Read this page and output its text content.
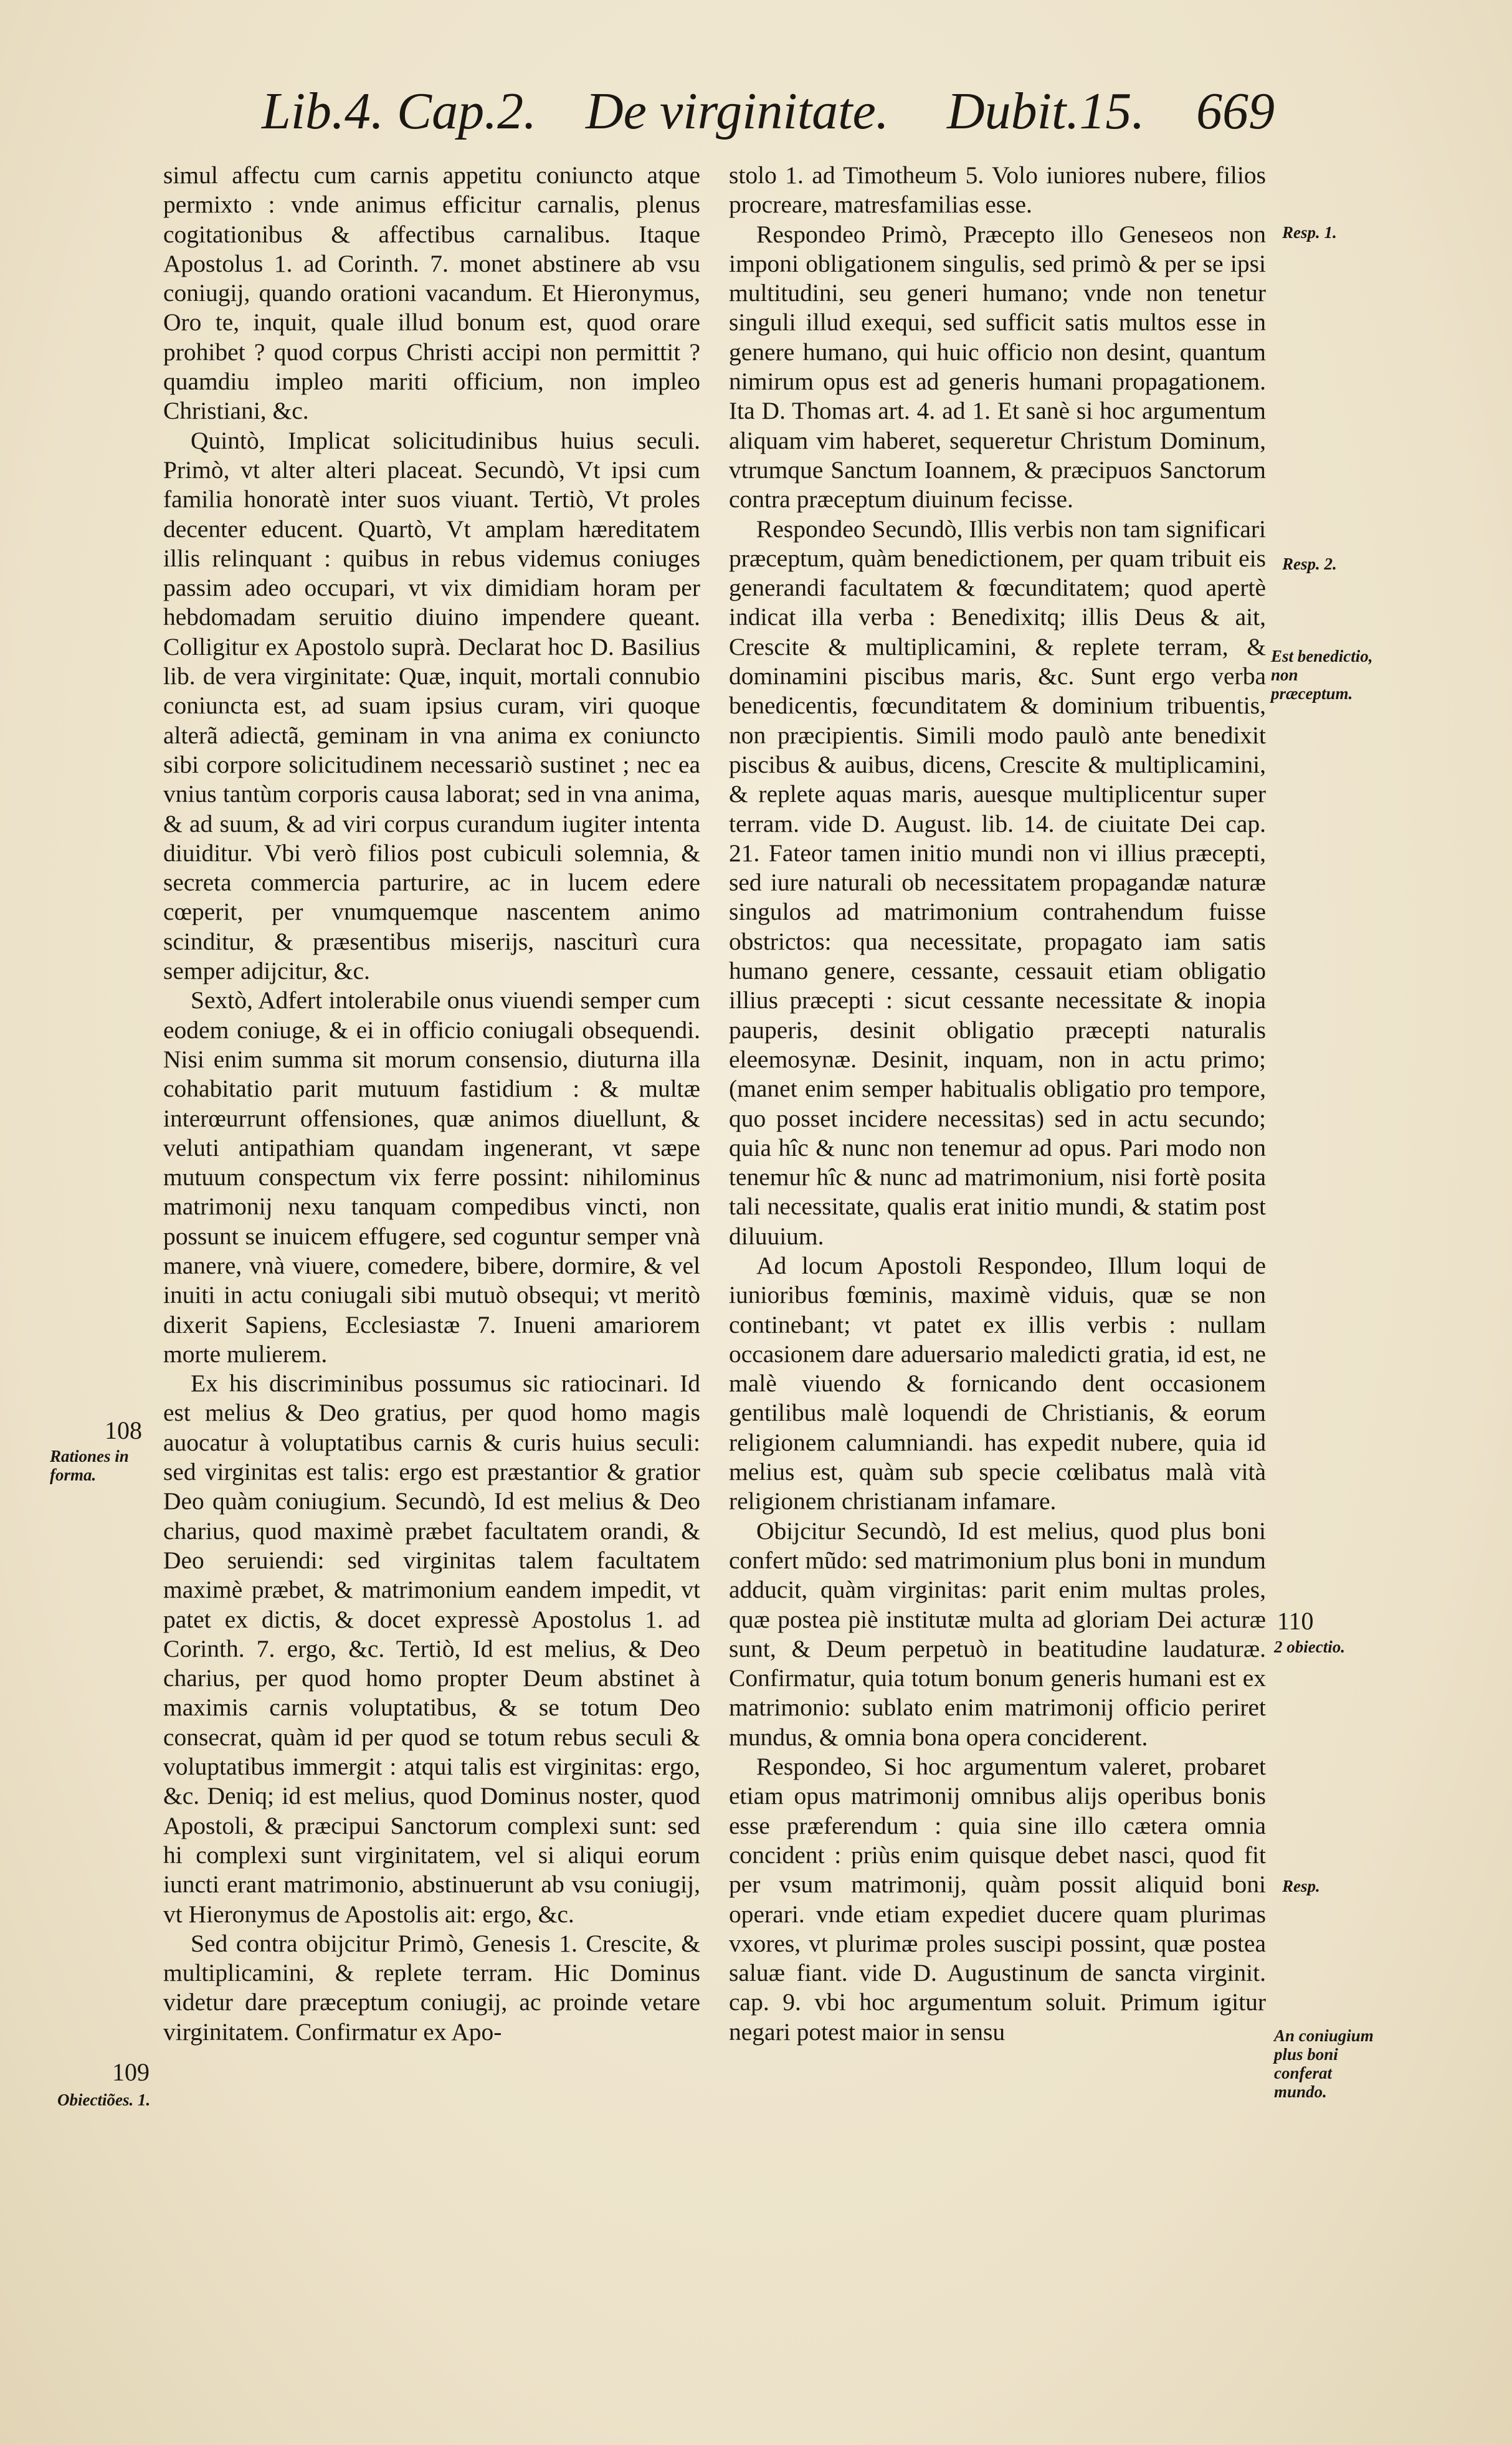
Lib.4. Cap.2. De virginitate. Dubit.15. 669

simul affectu cum carnis appetitu coniuncto atque permixto : vnde animus efficitur carnalis, plenus cogitationibus & affectibus carnalibus. Itaque Apostolus 1. ad Corinth. 7. monet abstinere ab vsu coniugij, quando orationi vacandum. Et Hieronymus, Oro te, inquit, quale illud bonum est, quod orare prohibet ? quod corpus Christi accipi non permittit ? quamdiu impleo mariti officium, non impleo Christiani, &c.

Quintò, Implicat solicitudinibus huius seculi. Primò, vt alter alteri placeat. Secundò, Vt ipsi cum familia honoratè inter suos viuant. Tertiò, Vt proles decenter educent. Quartò, Vt amplam hæreditatem illis relinquant : quibus in rebus videmus coniuges passim adeo occupari, vt vix dimidiam horam per hebdomadam seruitio diuino impendere queant. Colligitur ex Apostolo suprà. Declarat hoc D. Basilius lib. de vera virginitate: Quæ, inquit, mortali connubio coniuncta est, ad suam ipsius curam, viri quoque alterã adiectã, geminam in vna anima ex coniuncto sibi corpore solicitudinem necessariò sustinet ; nec ea vnius tantùm corporis causa laborat; sed in vna anima, & ad suum, & ad viri corpus curandum iugiter intenta diuiditur. Vbi verò filios post cubiculi solemnia, & secreta commercia parturire, ac in lucem edere cœperit, per vnumquemque nascentem animo scinditur, & præsentibus miserijs, nasciturì cura semper adijcitur, &c.

Sextò, Adfert intolerabile onus viuendi semper cum eodem coniuge, & ei in officio coniugali obsequendi. Nisi enim summa sit morum consensio, diuturna illa cohabitatio parit mutuum fastidium : & multæ interœurrunt offensiones, quæ animos diuellunt, & veluti antipathiam quandam ingenerant, vt sæpe mutuum conspectum vix ferre possint: nihilominus matrimonij nexu tanquam compedibus vincti, non possunt se inuicem effugere, sed coguntur semper vnà manere, vnà viuere, comedere, bibere, dormire, & vel inuiti in actu coniugali sibi mutuò obsequi; vt meritò dixerit Sapiens, Ecclesiastæ 7. Inueni amariorem morte mulierem.

Ex his discriminibus possumus sic ratiocinari. Id est melius & Deo gratius, per quod homo magis auocatur à voluptatibus carnis & curis huius seculi: sed virginitas est talis: ergo est præstantior & gratior Deo quàm coniugium. Secundò, Id est melius & Deo charius, quod maximè præbet facultatem orandi, & Deo seruiendi: sed virginitas talem facultatem maximè præbet, & matrimonium eandem impedit, vt patet ex dictis, & docet expressè Apostolus 1. ad Corinth. 7. ergo, &c. Tertiò, Id est melius, & Deo charius, per quod homo propter Deum abstinet à maximis carnis voluptatibus, & se totum Deo consecrat, quàm id per quod se totum rebus seculi & voluptatibus immergit : atqui talis est virginitas: ergo, &c. Deniq; id est melius, quod Dominus noster, quod Apostoli, & præcipui Sanctorum complexi sunt: sed hi complexi sunt virginitatem, vel si aliqui eorum iuncti erant matrimonio, abstinuerunt ab vsu coniugij, vt Hieronymus de Apostolis ait: ergo, &c.

Sed contra obijcitur Primò, Genesis 1. Crescite, & multiplicamini, & replete terram. Hic Dominus videtur dare præceptum coniugij, ac proinde vetare virginitatem. Confirmatur ex Apo-

stolo 1. ad Timotheum 5. Volo iuniores nubere, filios procreare, matresfamilias esse.

Respondeo Primò, Præcepto illo Geneseos non imponi obligationem singulis, sed primò & per se ipsi multitudini, seu generi humano; vnde non tenetur singuli illud exequi, sed sufficit satis multos esse in genere humano, qui huic officio non desint, quantum nimirum opus est ad generis humani propagationem. Ita D. Thomas art. 4. ad 1. Et sanè si hoc argumentum aliquam vim haberet, sequeretur Christum Dominum, vtrumque Sanctum Ioannem, & præcipuos Sanctorum contra præceptum diuinum fecisse.

Respondeo Secundò, Illis verbis non tam significari præceptum, quàm benedictionem, per quam tribuit eis generandi facultatem & fœcunditatem; quod apertè indicat illa verba : Benedixitq; illis Deus & ait, Crescite & multiplicamini, & replete terram, & dominamini piscibus maris, &c. Sunt ergo verba benedicentis, fœcunditatem & dominium tribuentis, non præcipientis. Simili modo paulò ante benedixit piscibus & auibus, dicens, Crescite & multiplicamini, & replete aquas maris, auesque multiplicentur super terram. vide D. August. lib. 14. de ciuitate Dei cap. 21. Fateor tamen initio mundi non vi illius præcepti, sed iure naturali ob necessitatem propagandæ naturæ singulos ad matrimonium contrahendum fuisse obstrictos: qua necessitate, propagato iam satis humano genere, cessante, cessauit etiam obligatio illius præcepti : sicut cessante necessitate & inopia pauperis, desinit obligatio præcepti naturalis eleemosynæ. Desinit, inquam, non in actu primo; (manet enim semper habitualis obligatio pro tempore, quo posset incidere necessitas) sed in actu secundo; quia hîc & nunc non tenemur ad opus. Pari modo non tenemur hîc & nunc ad matrimonium, nisi fortè posita tali necessitate, qualis erat initio mundi, & statim post diluuium.

Ad locum Apostoli Respondeo, Illum loqui de iunioribus fœminis, maximè viduis, quæ se non continebant; vt patet ex illis verbis : nullam occasionem dare aduersario maledicti gratia, id est, ne malè viuendo & fornicando dent occasionem gentilibus malè loquendi de Christianis, & eorum religionem calumniandi. has expedit nubere, quia id melius est, quàm sub specie cœlibatus malà vità religionem christianam infamare.

Obijcitur Secundò, Id est melius, quod plus boni confert mũdo: sed matrimonium plus boni in mundum adducit, quàm virginitas: parit enim multas proles, quæ postea piè institutæ multa ad gloriam Dei acturæ sunt, & Deum perpetuò in beatitudine laudaturæ. Confirmatur, quia totum bonum generis humani est ex matrimonio: sublato enim matrimonij officio periret mundus, & omnia bona opera conciderent.

Respondeo, Si hoc argumentum valeret, probaret etiam opus matrimonij omnibus alijs operibus bonis esse præferendum : quia sine illo cætera omnia concident : priùs enim quisque debet nasci, quod fit per vsum matrimonij, quàm possit aliquid boni operari. vnde etiam expediet ducere quam plurimas vxores, vt plurimæ proles suscipi possint, quæ postea saluæ fiant. vide D. Augustinum de sancta virginit. cap. 9. vbi hoc argumentum soluit. Primum igitur negari potest maior in sensu

108
Rationes in forma.
109
Obiectiões. 1.
Resp. 1.
Resp. 2.
Est benedictio, non præceptum.
110
2 obiectio.
Resp.
An coniugium plus boni conferat mundo.
